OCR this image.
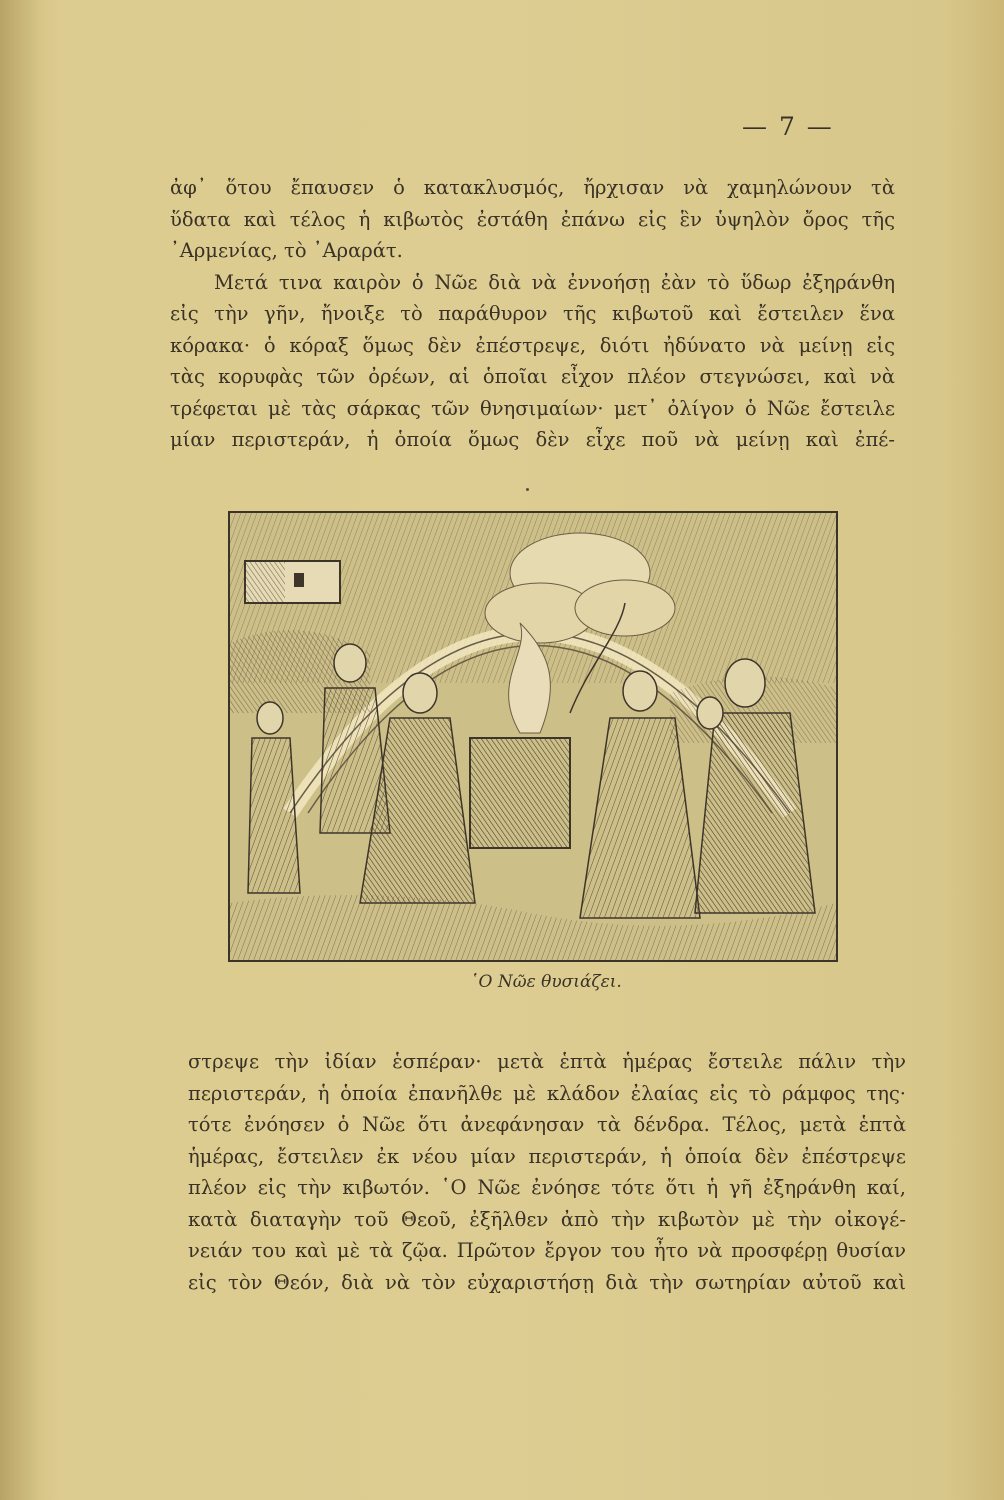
— 7 —
ἀφ᾿ ὅτου ἔπαυσεν ὁ κατακλυσμός, ἤρχισαν νὰ χαμηλώνουν τὰ
ὕδατα καὶ τέλος ἡ κιβωτὸς ἐστάθη ἐπάνω εἰς ἓν ὑψηλὸν ὄρος τῆς
᾿Αρμενίας, τὸ ᾿Αραράτ.
Μετά τινα καιρὸν ὁ Νῶε διὰ νὰ ἐννοήσῃ ἐὰν τὸ ὕδωρ ἐξηράνθη
εἰς τὴν γῆν, ἤνοιξε τὸ παράθυρον τῆς κιβωτοῦ καὶ ἔστειλεν ἕνα
κόρακα· ὁ κόραξ ὅμως δὲν ἐπέστρεψε, διότι ἠδύνατο νὰ μείνῃ εἰς
τὰς κορυφὰς τῶν ὀρέων, αἱ ὁποῖαι εἶχον πλέον στεγνώσει, καὶ νὰ
τρέφεται μὲ τὰς σάρκας τῶν θνησιμαίων· μετ᾿ ὀλίγον ὁ Νῶε ἔστειλε
μίαν περιστεράν, ἡ ὁποία ὅμως δὲν εἶχε ποῦ νὰ μείνῃ καὶ ἐπέ-
῾Ο Νῶε θυσιάζει.
στρεψε τὴν ἰδίαν ἑσπέραν· μετὰ ἑπτὰ ἡμέρας ἔστειλε πάλιν τὴν
περιστεράν, ἡ ὁποία ἐπανῆλθε μὲ κλάδον ἐλαίας εἰς τὸ ράμφος της·
τότε ἐνόησεν ὁ Νῶε ὅτι ἀνεφάνησαν τὰ δένδρα. Τέλος, μετὰ ἑπτὰ
ἡμέρας, ἔστειλεν ἐκ νέου μίαν περιστεράν, ἡ ὁποία δὲν ἐπέστρεψε
πλέον εἰς τὴν κιβωτόν. ῾Ο Νῶε ἐνόησε τότε ὅτι ἡ γῆ ἐξηράνθη καί,
κατὰ διαταγὴν τοῦ Θεοῦ, ἐξῆλθεν ἀπὸ τὴν κιβωτὸν μὲ τὴν οἰκογέ-
νειάν του καὶ μὲ τὰ ζῷα. Πρῶτον ἔργον του ἦτο νὰ προσφέρῃ θυσίαν
εἰς τὸν Θεόν, διὰ νὰ τὸν εὐχαριστήσῃ διὰ τὴν σωτηρίαν αὐτοῦ καὶ
